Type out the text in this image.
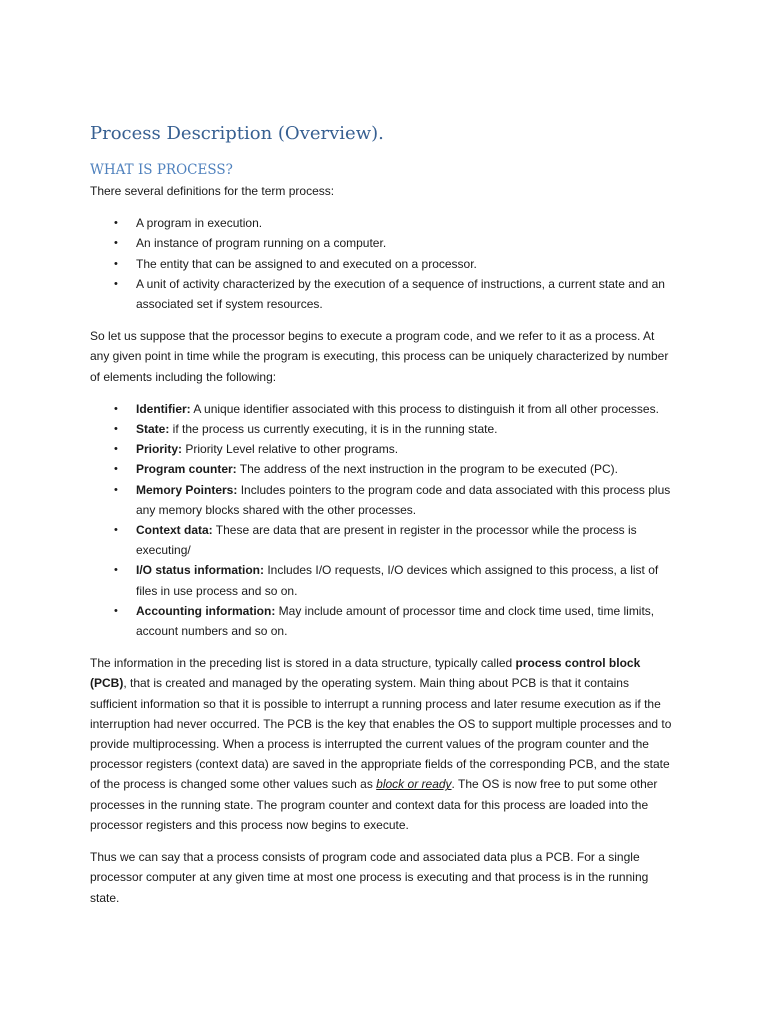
Process Description (Overview).
WHAT IS PROCESS?

There several definitions for the term process:

• A program in execution.
• An instance of program running on a computer.
• The entity that can be assigned to and executed on a processor.
• A unit of activity characterized by the execution of a sequence of instructions, a current state and an associated set if system resources.

So let us suppose that the processor begins to execute a program code, and we refer to it as a process. At any given point in time while the program is executing, this process can be uniquely characterized by number of elements including the following:

• Identifier: A unique identifier associated with this process to distinguish it from all other processes.
• State: if the process us currently executing, it is in the running state.
• Priority: Priority Level relative to other programs.
• Program counter: The address of the next instruction in the program to be executed (PC).
• Memory Pointers: Includes pointers to the program code and data associated with this process plus any memory blocks shared with the other processes.
• Context data: These are data that are present in register in the processor while the process is executing/
• I/O status information: Includes I/O requests, I/O devices which assigned to this process, a list of files in use process and so on.
• Accounting information: May include amount of processor time and clock time used, time limits, account numbers and so on.

The information in the preceding list is stored in a data structure, typically called process control block (PCB), that is created and managed by the operating system. Main thing about PCB is that it contains sufficient information so that it is possible to interrupt a running process and later resume execution as if the interruption had never occurred. The PCB is the key that enables the OS to support multiple processes and to provide multiprocessing. When a process is interrupted the current values of the program counter and the processor registers (context data) are saved in the appropriate fields of the corresponding PCB, and the state of the process is changed some other values such as block or ready. The OS is now free to put some other processes in the running state. The program counter and context data for this process are loaded into the processor registers and this process now begins to execute.

Thus we can say that a process consists of program code and associated data plus a PCB. For a single processor computer at any given time at most one process is executing and that process is in the running state.
